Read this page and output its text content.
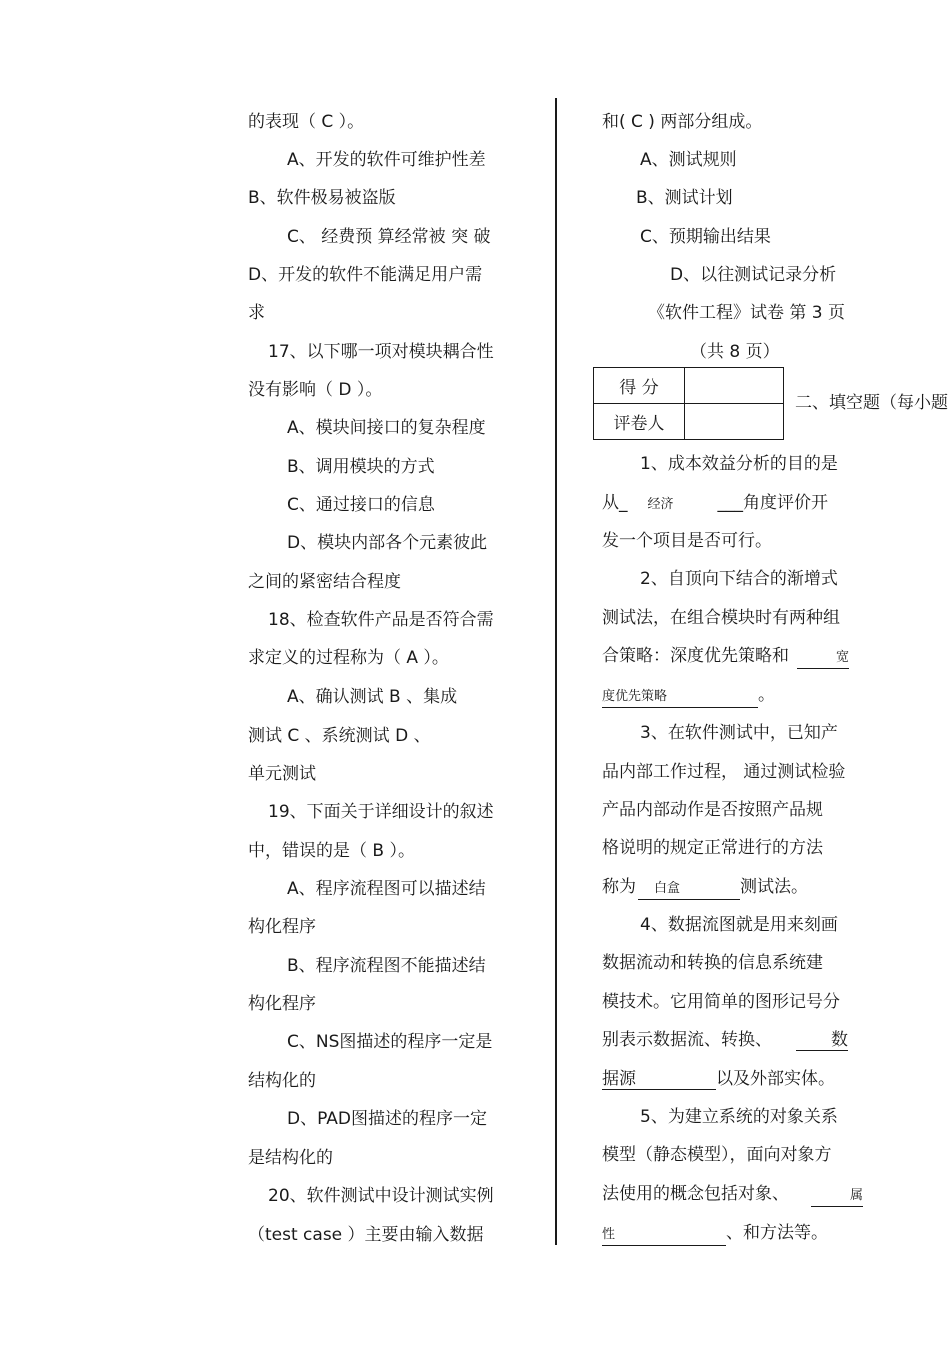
的表现（ C ）。
A、开发的软件可维护性差
B、软件极易被盗版
C、 经费预 算经常被 突 破
D、开发的软件不能满足用户需
求
17、以下哪一项对模块耦合性
没有影响（ D ）。
A、模块间接口的复杂程度
B、调用模块的方式
C、通过接口的信息
D、模块内部各个元素彼此
之间的紧密结合程度
18、检查软件产品是否符合需
求定义的过程称为（ A ）。
A、确认测试 B 、集成
测试 C 、系统测试 D 、
单元测试
19、下面关于详细设计的叙述
中，错误的是（ B ）。
A、程序流程图可以描述结
构化程序
B、程序流程图不能描述结
构化程序
C、NS图描述的程序一定是
结构化的
D、PAD图描述的程序一定
是结构化的
20、软件测试中设计测试实例
（test case ）主要由输入数据
和( C ) 两部分组成。
A、测试规则
B、测试计划
C、预期输出结果
D、以往测试记录分析
《软件工程》试卷 第 3 页
（共 8 页）
二、填空题（每小题
1、成本效益分析的目的是
从_ 经济	___角度评价开
发一个项目是否可行。
2、自顶向下结合的渐增式
测试法，在组合模块时有两种组
合策略：深度优先策略和	宽
度优先策略	。
3、在软件测试中，已知产
品内部工作过程， 通过测试检验
产品内部动作是否按照产品规
格说明的规定正常进行的方法
称为 白盒	测试法。
4、数据流图就是用来刻画
数据流动和转换的信息系统建
模技术。它用简单的图形记号分
别表示数据流、转换、	数
据源	以及外部实体。
5、为建立系统的对象关系
模型（静态模型），面向对象方
法使用的概念包括对象、	属
性	、和方法等。
得 分	
评卷人	
